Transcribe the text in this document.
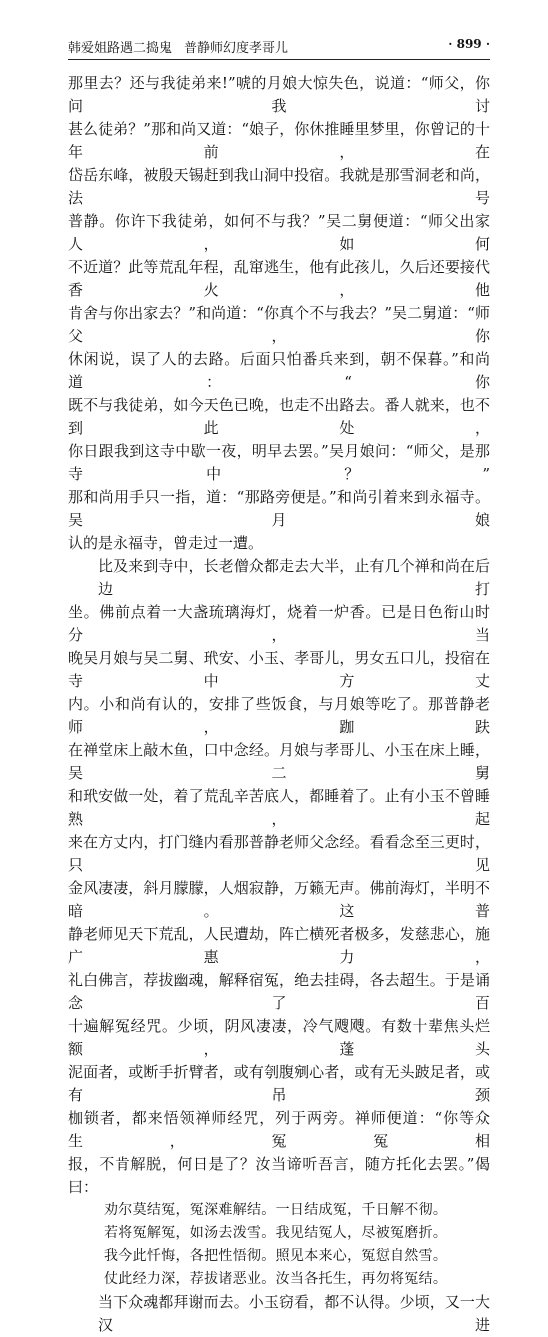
韩爱姐路遇二捣鬼 普静师幻度孝哥儿	· 899 ·

那里去？还与我徒弟来!”唬的月娘大惊失色，说道：“师父，你问我讨

甚么徒弟？”那和尚又道：“娘子，你休推睡里梦里，你曾记的十年前，在

岱岳东峰，被殷天锡赶到我山洞中投宿。我就是那雪洞老和尚，法号

普静。你许下我徒弟，如何不与我？”吴二舅便道：“师父出家人，如何

不近道？此等荒乱年程，乱窜逃生，他有此孩儿，久后还要接代香火，他

肯舍与你出家去？”和尚道：“你真个不与我去？”吴二舅道：“师父，你

休闲说，误了人的去路。后面只怕番兵来到，朝不保暮。”和尚道：“你

既不与我徒弟，如今天色已晚，也走不出路去。番人就来，也不到此处，

你日跟我到这寺中歇一夜，明早去罢。”吴月娘问：“师父，是那寺中？”

那和尚用手只一指，道：“那路旁便是。”和尚引着来到永福寺。吴月娘

认的是永福寺，曾走过一遭。

比及来到寺中，长老僧众都走去大半，止有几个禅和尚在后边打

坐。佛前点着一大盏琉璃海灯，烧着一炉香。已是日色衔山时分，当

晚吴月娘与吴二舅、玳安、小玉、孝哥儿，男女五口儿，投宿在寺中方丈

内。小和尚有认的，安排了些饭食，与月娘等吃了。那普静老师，跏趺

在禅堂床上敲木鱼，口中念经。月娘与孝哥儿、小玉在床上睡，吴二舅

和玳安做一处，着了荒乱辛苦底人，都睡着了。止有小玉不曾睡熟，起

来在方丈内，打门缝内看那普静老师父念经。看看念至三更时，只见

金风凄凄，斜月朦朦，人烟寂静，万籁无声。佛前海灯，半明不暗。这普

静老师见天下荒乱，人民遭劫，阵亡横死者极多，发慈悲心，施广惠力，

礼白佛言，荐拔幽魂，解释宿冤，绝去挂碍，各去超生。于是诵念了百

十遍解冤经咒。少顷，阴风凄凄，冷气飕飕。有数十辈焦头烂额，蓬头

泥面者，或断手折臂者，或有刳腹剜心者，或有无头跛足者，或有吊颈

枷锁者，都来悟领禅师经咒，列于两旁。禅师便道：“你等众生，冤冤相

报，不肯解脱，何日是了？汝当谛听吾言，随方托化去罢。”偈曰：

劝尔莫结冤，冤深难解结。一日结成冤，千日解不彻。
若将冤解冤，如汤去泼雪。我见结冤人，尽被冤磨折。
我今此忏悔，各把性悟彻。照见本来心，冤愆自然雪。
仗此经力深，荐拔诸恶业。汝当各托生，再勿将冤结。

当下众魂都拜谢而去。小玉窃看，都不认得。少顷，又一大汉进
